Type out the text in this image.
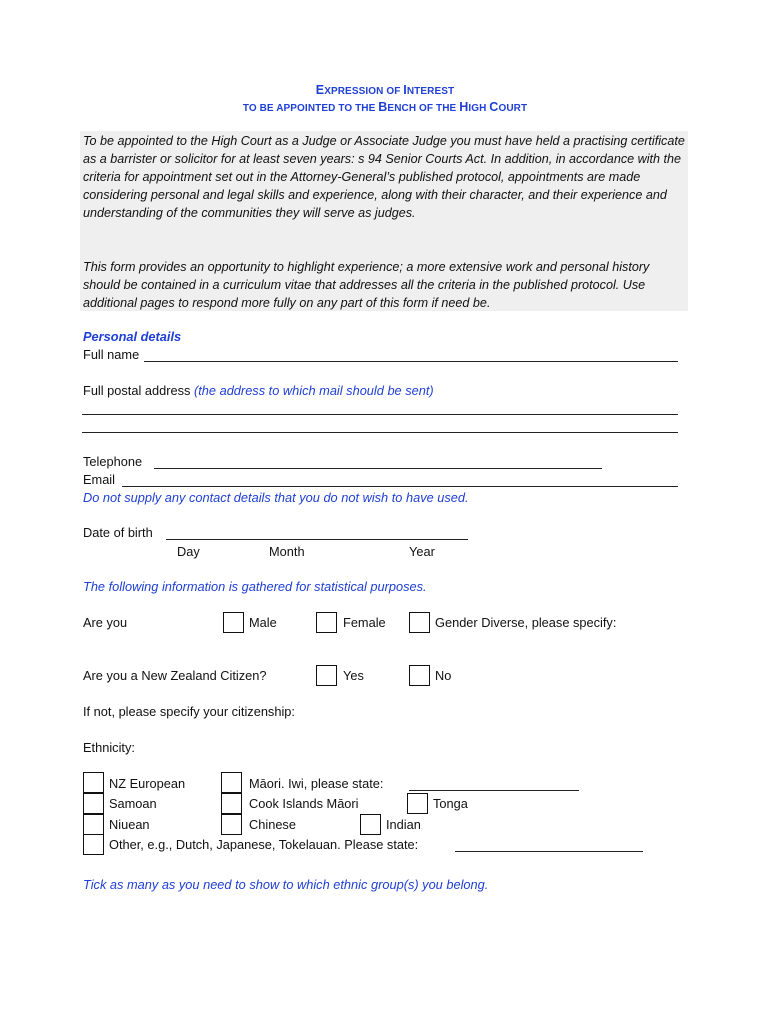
EXPRESSION OF INTEREST
TO BE APPOINTED TO THE BENCH OF THE HIGH COURT

To be appointed to the High Court as a Judge or Associate Judge you must have held a practising certificate as a barrister or solicitor for at least seven years: s 94 Senior Courts Act. In addition, in accordance with the criteria for appointment set out in the Attorney-General’s published protocol, appointments are made considering personal and legal skills and experience, along with their character, and their experience and understanding of the communities they will serve as judges.

This form provides an opportunity to highlight experience; a more extensive work and personal history should be contained in a curriculum vitae that addresses all the criteria in the published protocol. Use additional pages to respond more fully on any part of this form if need be.

Personal details
Full name
Full postal address (the address to which mail should be sent)
Telephone
Email
Do not supply any contact details that you do not wish to have used.
Date of birth
Day	Month	Year
The following information is gathered for statistical purposes.
Are you	Male	Female	Gender Diverse, please specify:
Are you a New Zealand Citizen?	Yes	No
If not, please specify your citizenship:
Ethnicity:
NZ European	Māori. Iwi, please state:
Samoan	Cook Islands Māori	Tonga
Niuean	Chinese	Indian
Other, e.g., Dutch, Japanese, Tokelauan. Please state:
Tick as many as you need to show to which ethnic group(s) you belong.
